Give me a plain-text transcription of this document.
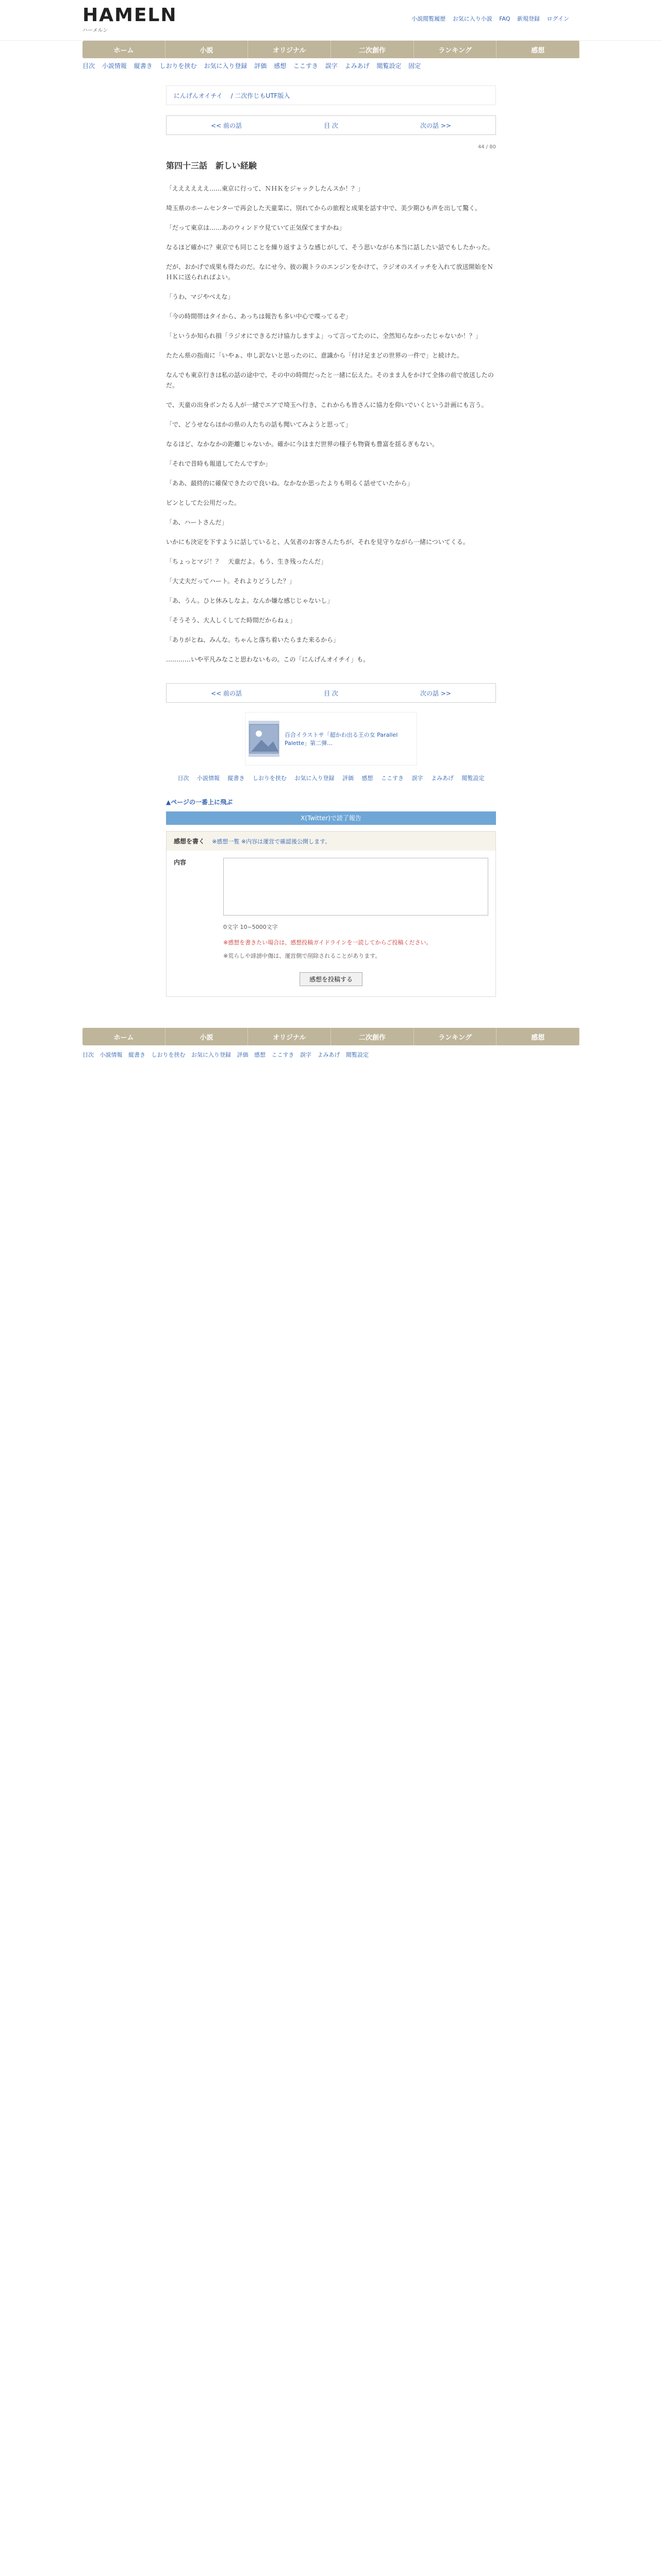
HAMELN
ハーメルン
小説閲覧履歴 お気に入り小説 FAQ 新規登録 ログイン
ホーム	小説	オリジナル	二次創作	ランキング	感想
目次 小説情報 縦書き しおりを挟む お気に入り登録 評価 感想 ここすき 誤字 よみあげ 閲覧設定 固定
にんげんオイチイ / 二次作じもUTF版入
<< 前の話	目 次	次の話 >>
44 / 80
第四十三話　新しい経験

「ええええええ……東京に行って、ＮＨＫをジャックしたんスか！？」

埼玉県のホームセンターで再会した天童菜に、別れてからの旅程と成果を話す中で、美少期ひも声を出して驚く。

「だって東京は……あのウィンドウ見ていて正気保てますかね」

なるほど確かに？東京でも同じことを繰り返すような感じがして、そう思いながら本当に話したい話でもしたかった。

だが、おかげで成果も得たのだ。なにせ今、彼の親トラのエンジンをかけて、ラジオのスイッチを入れて放送開始をＮＨＫに送られればよい。

「うわ、マジやべえな」

「今の時間帯はタイから、あっちは報告も多い中心で喋ってるぞ」

「というか知られ損「ラジオにできるだけ協力しますよ」って言ってたのに、全然知らなかったじゃないか！？」

たたん県の指南に「いやぁ、申し訳ないと思ったのに、意識から「付け足まどの世界の一件で」と続けた。

なんでも東京行きは私の話の途中で、その中の時間だったと一緒に伝えた。そのまま人をかけて全体の前で放送したのだ。

で、天童の出身ボンたる人が一緒でエアで埼玉へ行き、これからも皆さんに協力を仰いでいくという計画にも言う。

「で、どうせならほかの県の人たちの話も聞いてみようと思って」

なるほど、なかなかの距離じゃないか。確かに今はまだ世界の様子も物資も豊富を揺るぎもない。

「それで昔時も報道してたんですか」

「ああ、最終的に確保できたので良いね。なかなか思ったよりも明るく話せていたから」

ピンとしてた公用だった。

「あ、ハートさんだ」

いかにも決定を下すように話していると、人気者のお客さんたちが、それを見守りながら一緒についてくる。

「ちょっとマジ！？　天童だよ。もう、生き残ったんだ」

「大丈夫だってハート。それよりどうした？」

「あ、うん。ひと休みしなよ。なんか嫌な感じじゃないし」

「そうそう、大人しくしてた時間だからねぇ」

「ありがとね、みんな。ちゃんと落ち着いたらまた来るから」

…………いや平凡みなこと思わないもの。この「にんげんオイチイ」も。

<< 前の話	目 次	次の話 >>
百合イラストサ「超かわ出る王の女 Parallel Palette」第二弾…
目次 小説情報 縦書き しおりを挟む お気に入り登録 評価 感想 ここすき 誤字 よみあげ 閲覧設定
▲ページの一番上に飛ぶ
X(Twitter)で読了報告
感想を書く ※感想一覧 ※内容は運営で確認後公開します。
内容
0文字 10~5000文字
※感想を書きたい場合は、感想投稿ガイドラインを一読してからご投稿ください。
※荒らしや誹謗中傷は、運営側で削除されることがあります。
感想を投稿する
ホーム	小説	オリジナル	二次創作	ランキング	感想
目次 小説情報 縦書き しおりを挟む お気に入り登録 評価 感想 ここすき 誤字 よみあげ 閲覧設定
